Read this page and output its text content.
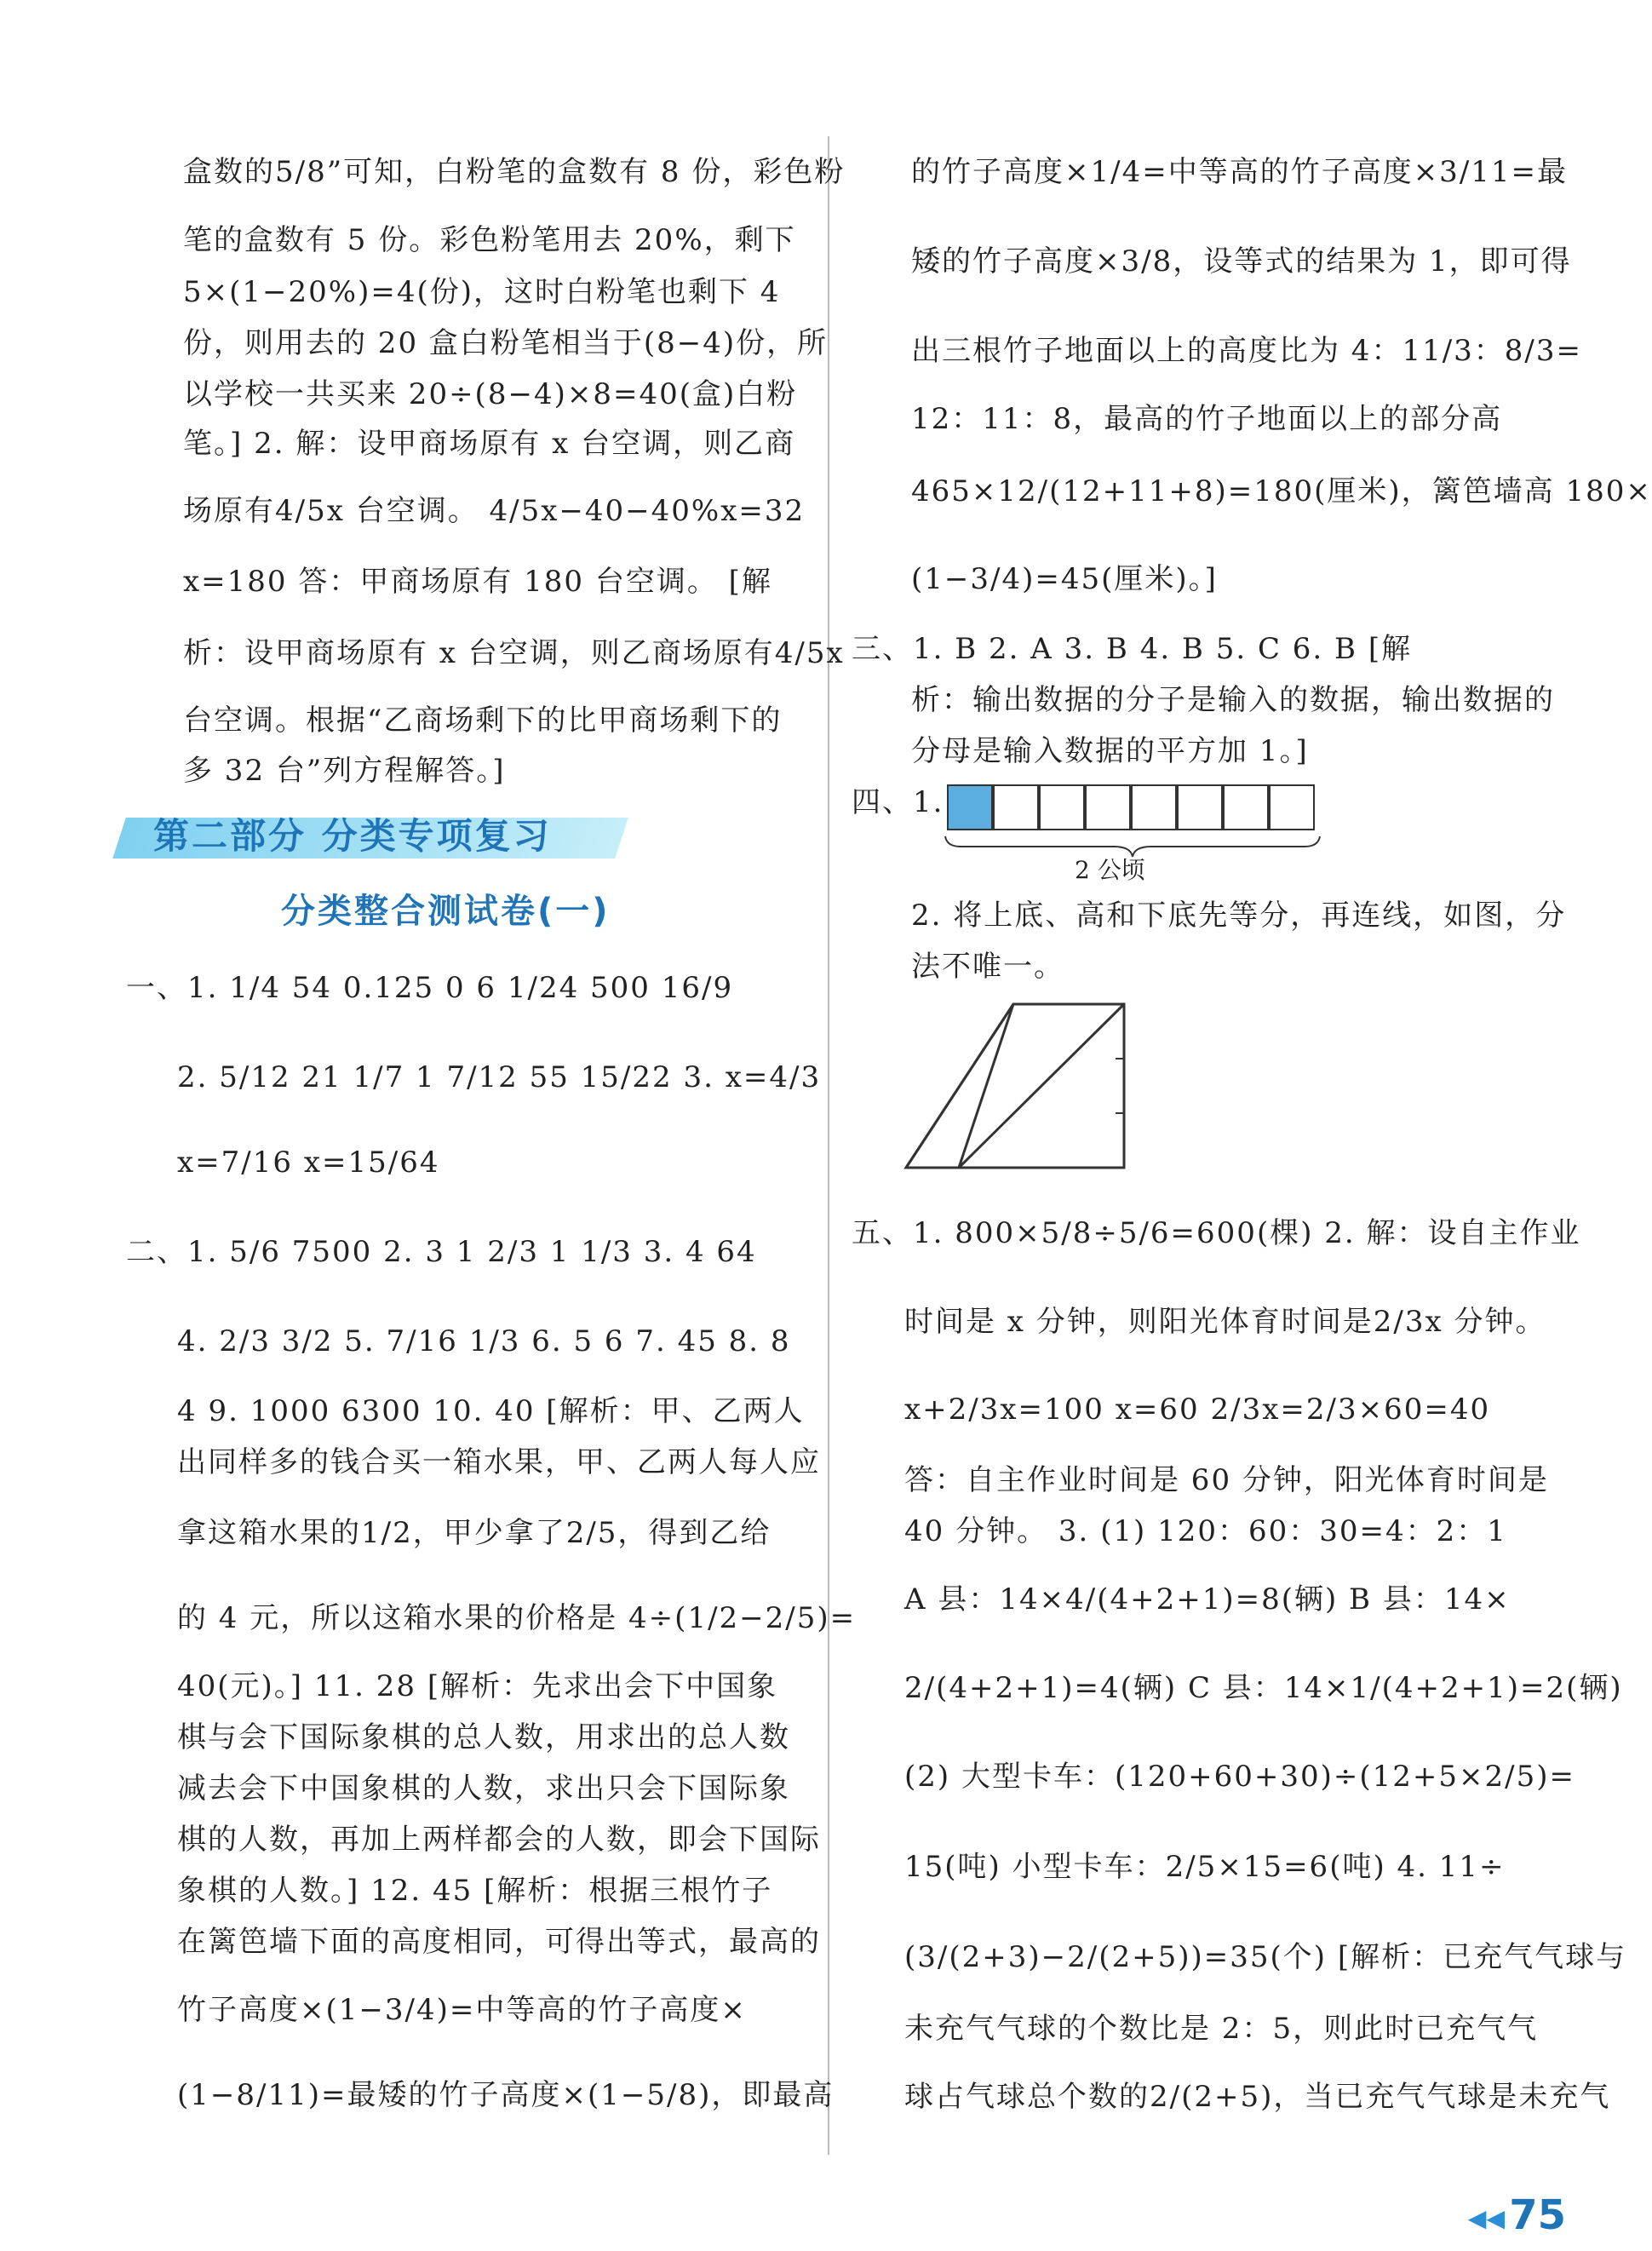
盒数的5/8”可知，白粉笔的盒数有 8 份，彩色粉
笔的盒数有 5 份。彩色粉笔用去 20%，剩下
5×(1−20%)=4(份)，这时白粉笔也剩下 4
份，则用去的 20 盒白粉笔相当于(8−4)份，所
以学校一共买来 20÷(8−4)×8=40(盒)白粉
笔。] 2. 解：设甲商场原有 x 台空调，则乙商
场原有4/5x 台空调。 4/5x−40−40%x=32
x=180 答：甲商场原有 180 台空调。 [解
析：设甲商场原有 x 台空调，则乙商场原有4/5x
台空调。根据“乙商场剩下的比甲商场剩下的
多 32 台”列方程解答。]
第二部分 分类专项复习
分类整合测试卷(一)
一、1. 1/4 54 0.125 0 6 1/24 500 16/9
2. 5/12 21 1/7 1 7/12 55 15/22 3. x=4/3
x=7/16 x=15/64
二、1. 5/6 7500 2. 3 1 2/3 1 1/3 3. 4 64
4. 2/3 3/2 5. 7/16 1/3 6. 5 6 7. 45 8. 8
4 9. 1000 6300 10. 40 [解析：甲、乙两人
出同样多的钱合买一箱水果，甲、乙两人每人应
拿这箱水果的1/2，甲少拿了2/5，得到乙给
的 4 元，所以这箱水果的价格是 4÷(1/2−2/5)=
40(元)。] 11. 28 [解析：先求出会下中国象
棋与会下国际象棋的总人数，用求出的总人数
减去会下中国象棋的人数，求出只会下国际象
棋的人数，再加上两样都会的人数，即会下国际
象棋的人数。] 12. 45 [解析：根据三根竹子
在篱笆墙下面的高度相同，可得出等式，最高的
竹子高度×(1−3/4)=中等高的竹子高度×
(1−8/11)=最矮的竹子高度×(1−5/8)，即最高
的竹子高度×1/4=中等高的竹子高度×3/11=最
矮的竹子高度×3/8，设等式的结果为 1，即可得
出三根竹子地面以上的高度比为 4：11/3：8/3=
12：11：8，最高的竹子地面以上的部分高
465×12/(12+11+8)=180(厘米)，篱笆墙高 180×
(1−3/4)=45(厘米)。]
三、1. B 2. A 3. B 4. B 5. C 6. B [解
析：输出数据的分子是输入的数据，输出数据的
分母是输入数据的平方加 1。]
四、1.
2 公顷
2. 将上底、高和下底先等分，再连线，如图，分
法不唯一。
五、1. 800×5/8÷5/6=600(棵) 2. 解：设自主作业
时间是 x 分钟，则阳光体育时间是2/3x 分钟。
x+2/3x=100 x=60 2/3x=2/3×60=40
答：自主作业时间是 60 分钟，阳光体育时间是
40 分钟。 3. (1) 120：60：30=4：2：1
A 县：14×4/(4+2+1)=8(辆) B 县：14×
2/(4+2+1)=4(辆) C 县：14×1/(4+2+1)=2(辆)
(2) 大型卡车：(120+60+30)÷(12+5×2/5)=
15(吨) 小型卡车：2/5×15=6(吨) 4. 11÷
(3/(2+3)−2/(2+5))=35(个) [解析：已充气气球与
未充气气球的个数比是 2：5，则此时已充气气
球占气球总个数的2/(2+5)，当已充气气球是未充气
◀◀ 75
